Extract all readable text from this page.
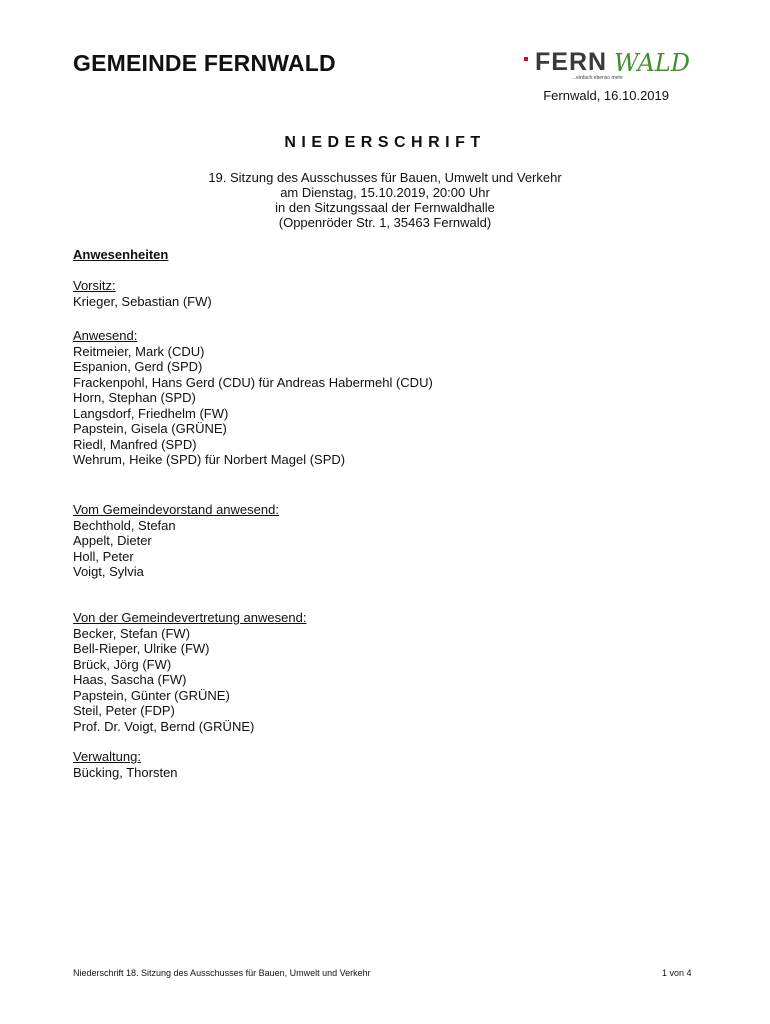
GEMEINDE FERNWALD	FERN WALD
...einfach ebenso mehr
Fernwald, 16.10.2019
NIEDERSCHRIFT
19. Sitzung des Ausschusses für Bauen, Umwelt und Verkehr
am Dienstag, 15.10.2019, 20:00 Uhr
in den Sitzungssaal der Fernwaldhalle
(Oppenröder Str. 1, 35463 Fernwald)
Anwesenheiten
Vorsitz:
Krieger, Sebastian (FW)
Anwesend:
Reitmeier, Mark (CDU)
Espanion, Gerd (SPD)
Frackenpohl, Hans Gerd (CDU) für Andreas Habermehl (CDU)
Horn, Stephan (SPD)
Langsdorf, Friedhelm (FW)
Papstein, Gisela (GRÜNE)
Riedl, Manfred (SPD)
Wehrum, Heike (SPD) für Norbert Magel (SPD)
Vom Gemeindevorstand anwesend:
Bechthold, Stefan
Appelt, Dieter
Holl, Peter
Voigt, Sylvia
Von der Gemeindevertretung anwesend:
Becker, Stefan (FW)
Bell-Rieper, Ulrike (FW)
Brück, Jörg (FW)
Haas, Sascha (FW)
Papstein, Günter (GRÜNE)
Steil, Peter (FDP)
Prof. Dr. Voigt, Bernd (GRÜNE)
Verwaltung:
Bücking, Thorsten
Niederschrift 18. Sitzung des Ausschusses für Bauen, Umwelt und Verkehr	1 von 4
